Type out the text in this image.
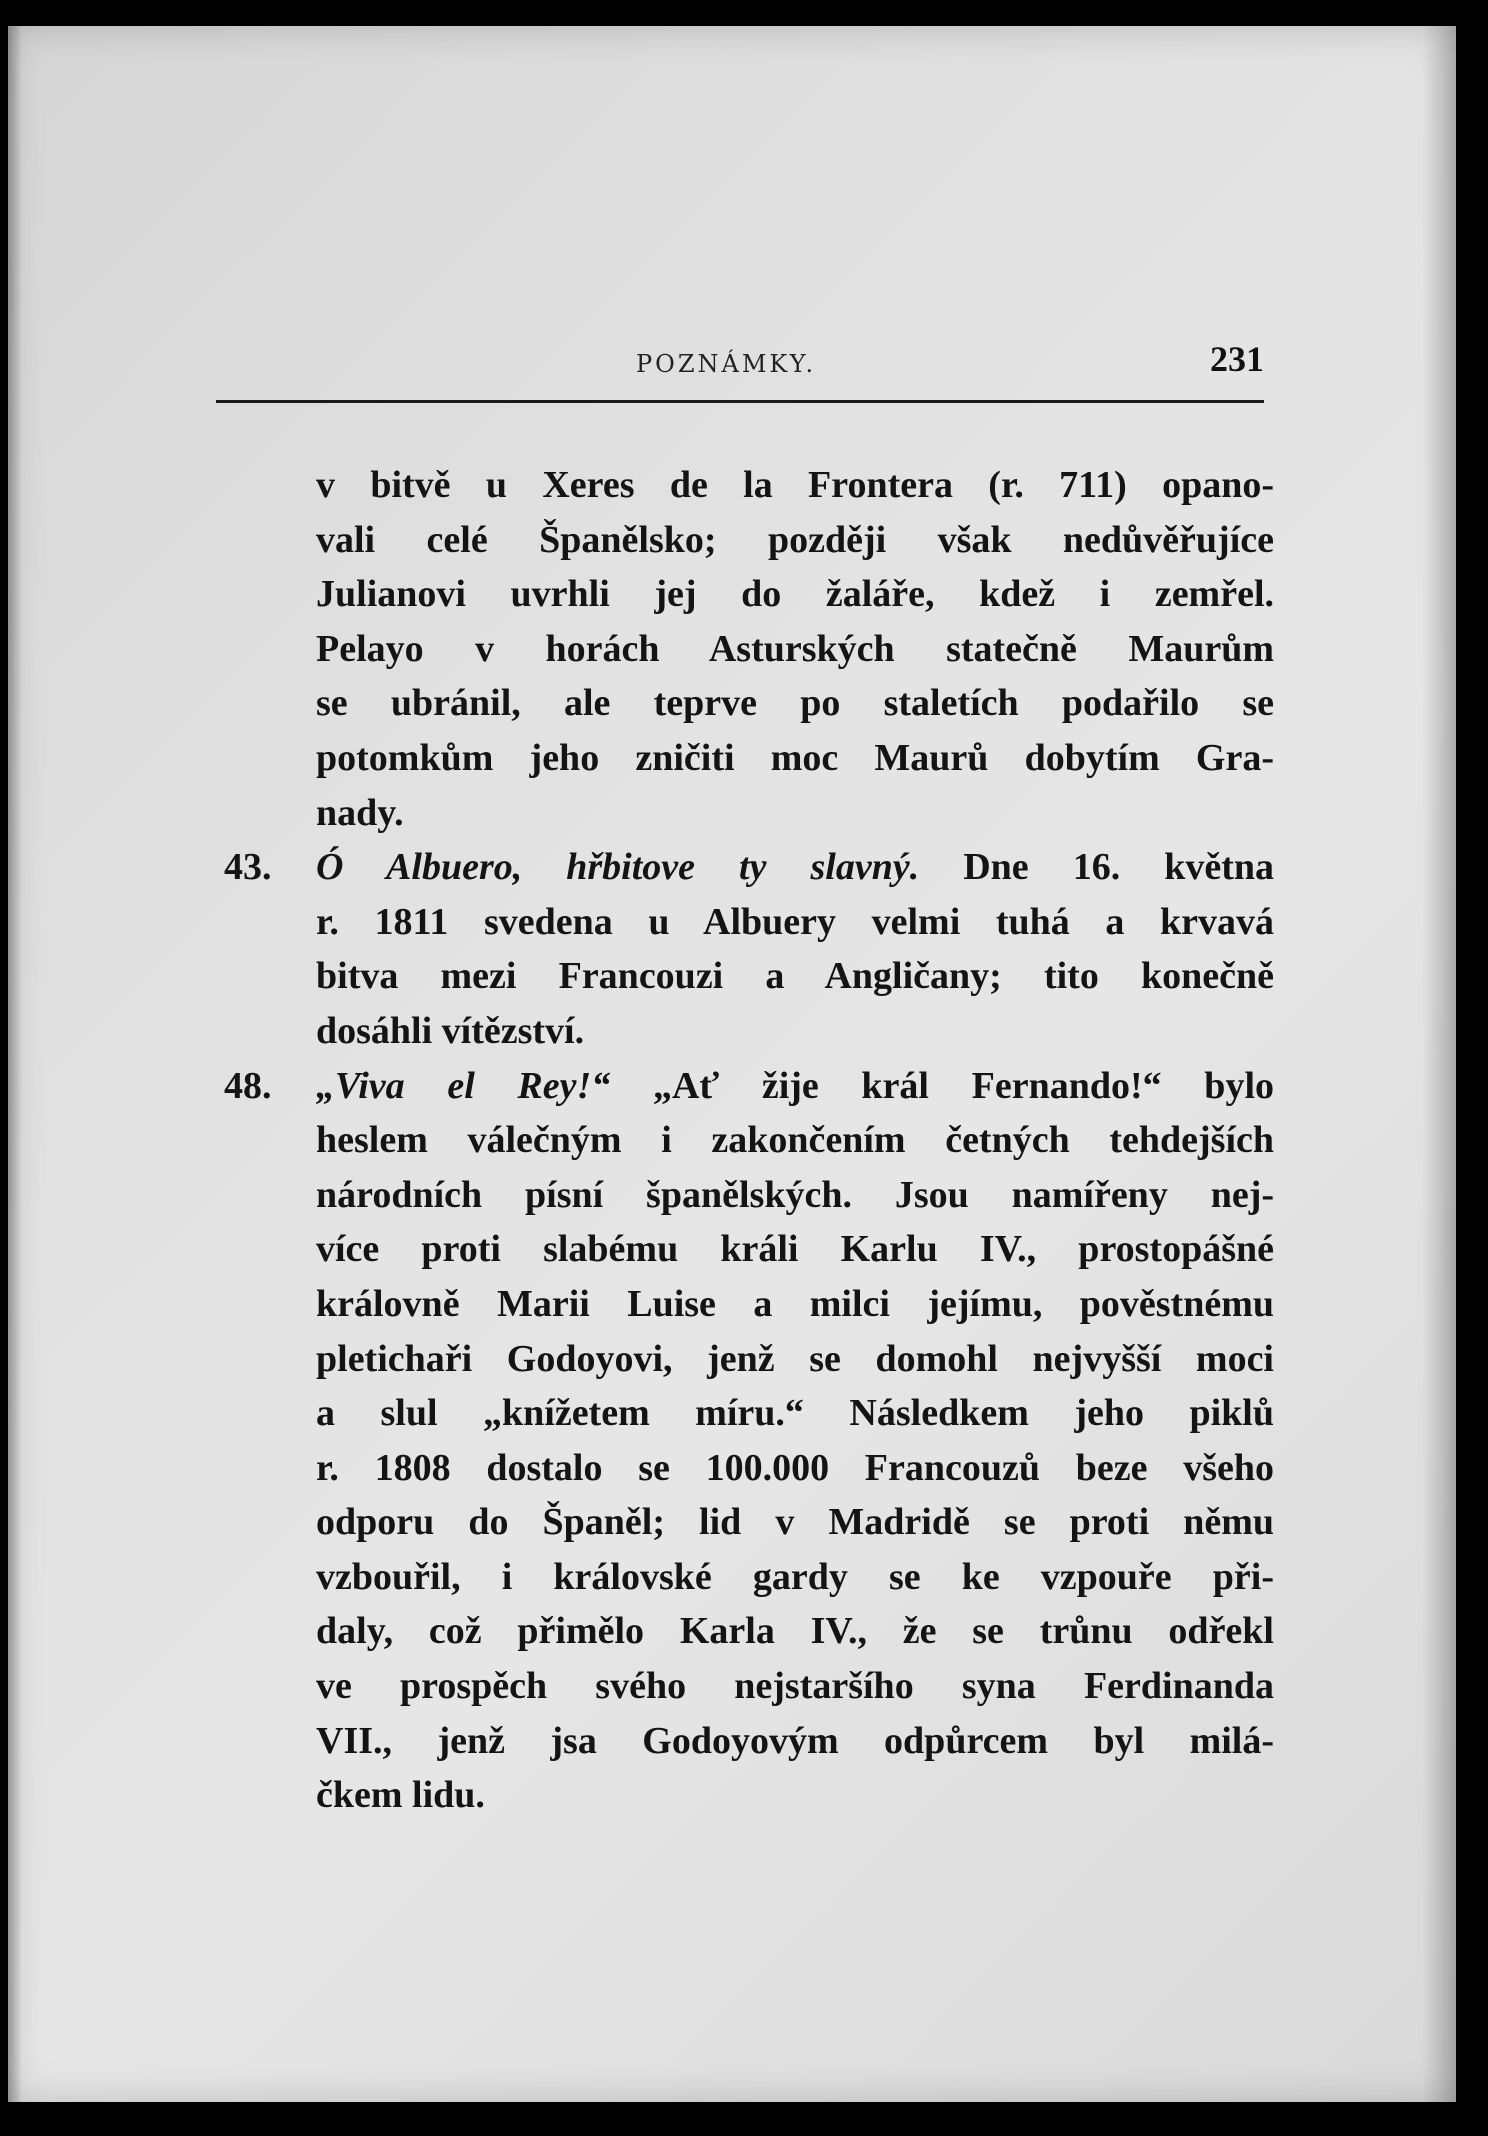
POZNÁMKY.	231
v bitvě u Xeres de la Frontera (r. 711) opano-
vali celé Španělsko; později však nedůvěřujíce
Julianovi uvrhli jej do žaláře, kdež i zemřel.
Pelayo v horách Asturských statečně Maurům
se ubránil, ale teprve po staletích podařilo se
potomkům jeho zničiti moc Maurů dobytím Gra-
nady.
43. Ó Albuero, hřbitove ty slavný. Dne 16. května
r. 1811 svedena u Albuery velmi tuhá a krvavá
bitva mezi Francouzi a Angličany; tito konečně
dosáhli vítězství.
48. „Viva el Rey!“ „Ať žije král Fernando!“ bylo
heslem válečným i zakončením četných tehdejších
národních písní španělských. Jsou namířeny nej-
více proti slabému králi Karlu IV., prostopášné
královně Marii Luise a milci jejímu, pověstnému
pletichaři Godoyovi, jenž se domohl nejvyšší moci
a slul „knížetem míru.“ Následkem jeho piklů
r. 1808 dostalo se 100.000 Francouzů beze všeho
odporu do Španěl; lid v Madridě se proti němu
vzbouřil, i královské gardy se ke vzpouře při-
daly, což přimělo Karla IV., že se trůnu odřekl
ve prospěch svého nejstaršího syna Ferdinanda
VII., jenž jsa Godoyovým odpůrcem byl milá-
čkem lidu.
